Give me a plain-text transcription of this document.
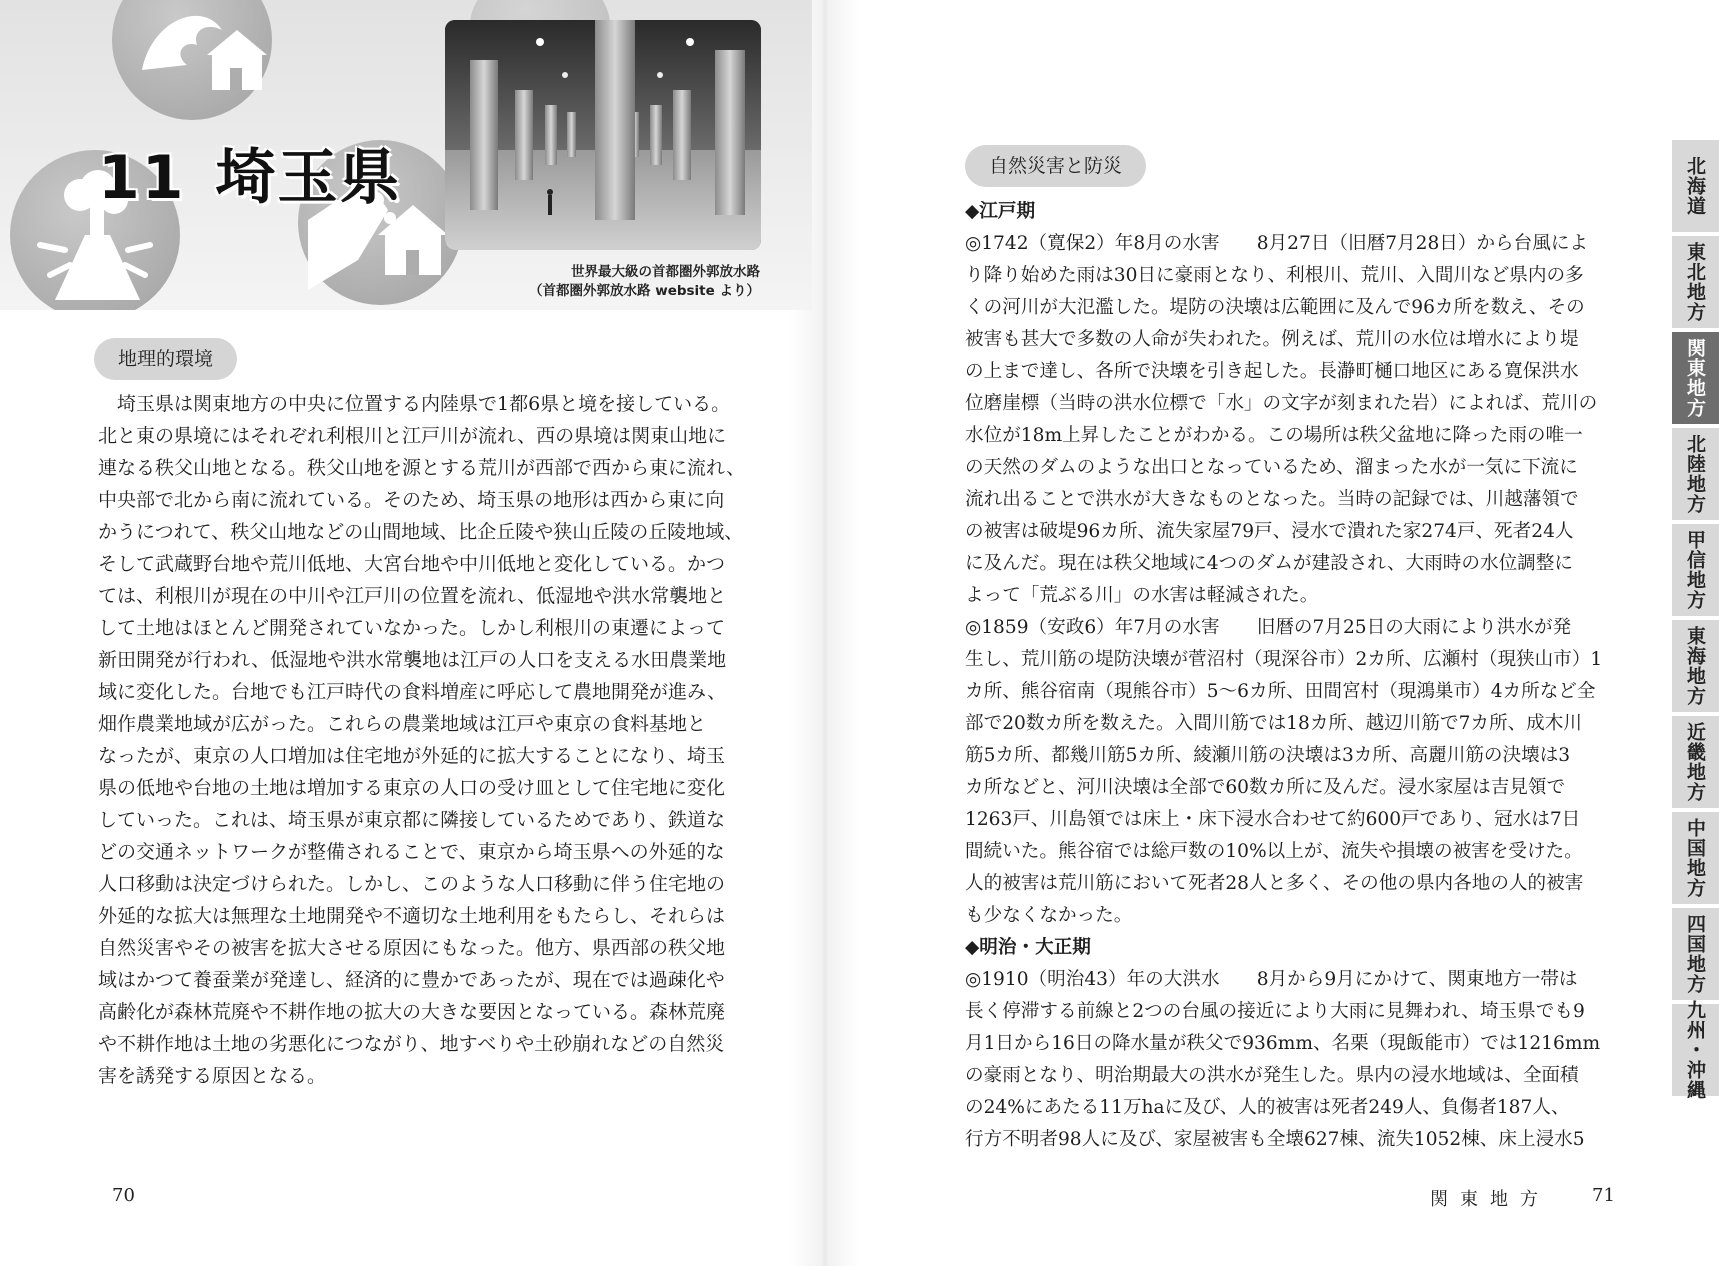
11 埼玉県
世界最大級の首都圏外郭放水路
（首都圏外郭放水路 website より）
地理的環境
　埼玉県は関東地方の中央に位置する内陸県で1都6県と境を接している。
北と東の県境にはそれぞれ利根川と江戸川が流れ、西の県境は関東山地に
連なる秩父山地となる。秩父山地を源とする荒川が西部で西から東に流れ、
中央部で北から南に流れている。そのため、埼玉県の地形は西から東に向
かうにつれて、秩父山地などの山間地域、比企丘陵や狭山丘陵の丘陵地域、
そして武蔵野台地や荒川低地、大宮台地や中川低地と変化している。かつ
ては、利根川が現在の中川や江戸川の位置を流れ、低湿地や洪水常襲地と
して土地はほとんど開発されていなかった。しかし利根川の東遷によって
新田開発が行われ、低湿地や洪水常襲地は江戸の人口を支える水田農業地
域に変化した。台地でも江戸時代の食料増産に呼応して農地開発が進み、
畑作農業地域が広がった。これらの農業地域は江戸や東京の食料基地と
なったが、東京の人口増加は住宅地が外延的に拡大することになり、埼玉
県の低地や台地の土地は増加する東京の人口の受け皿として住宅地に変化
していった。これは、埼玉県が東京都に隣接しているためであり、鉄道な
どの交通ネットワークが整備されることで、東京から埼玉県への外延的な
人口移動は決定づけられた。しかし、このような人口移動に伴う住宅地の
外延的な拡大は無理な土地開発や不適切な土地利用をもたらし、それらは
自然災害やその被害を拡大させる原因にもなった。他方、県西部の秩父地
域はかつて養蚕業が発達し、経済的に豊かであったが、現在では過疎化や
高齢化が森林荒廃や不耕作地の拡大の大きな要因となっている。森林荒廃
や不耕作地は土地の劣悪化につながり、地すべりや土砂崩れなどの自然災
害を誘発する原因となる。
自然災害と防災
◆江戸期
◎1742（寛保2）年8月の水害　　8月27日（旧暦7月28日）から台風によ
り降り始めた雨は30日に豪雨となり、利根川、荒川、入間川など県内の多
くの河川が大氾濫した。堤防の決壊は広範囲に及んで96カ所を数え、その
被害も甚大で多数の人命が失われた。例えば、荒川の水位は増水により堤
の上まで達し、各所で決壊を引き起した。長瀞町樋口地区にある寛保洪水
位磨崖標（当時の洪水位標で「水」の文字が刻まれた岩）によれば、荒川の
水位が18m上昇したことがわかる。この場所は秩父盆地に降った雨の唯一
の天然のダムのような出口となっているため、溜まった水が一気に下流に
流れ出ることで洪水が大きなものとなった。当時の記録では、川越藩領で
の被害は破堤96カ所、流失家屋79戸、浸水で潰れた家274戸、死者24人
に及んだ。現在は秩父地域に4つのダムが建設され、大雨時の水位調整に
よって「荒ぶる川」の水害は軽減された。
◎1859（安政6）年7月の水害　　旧暦の7月25日の大雨により洪水が発
生し、荒川筋の堤防決壊が菅沼村（現深谷市）2カ所、広瀬村（現狭山市）1
カ所、熊谷宿南（現熊谷市）5〜6カ所、田間宮村（現鴻巣市）4カ所など全
部で20数カ所を数えた。入間川筋では18カ所、越辺川筋で7カ所、成木川
筋5カ所、都幾川筋5カ所、綾瀬川筋の決壊は3カ所、高麗川筋の決壊は3
カ所などと、河川決壊は全部で60数カ所に及んだ。浸水家屋は吉見領で
1263戸、川島領では床上・床下浸水合わせて約600戸であり、冠水は7日
間続いた。熊谷宿では総戸数の10%以上が、流失や損壊の被害を受けた。
人的被害は荒川筋において死者28人と多く、その他の県内各地の人的被害
も少なくなかった。
◆明治・大正期
◎1910（明治43）年の大洪水　　8月から9月にかけて、関東地方一帯は
長く停滞する前線と2つの台風の接近により大雨に見舞われ、埼玉県でも9
月1日から16日の降水量が秩父で936mm、名栗（現飯能市）では1216mm
の豪雨となり、明治期最大の洪水が発生した。県内の浸水地域は、全面積
の24%にあたる11万haに及び、人的被害は死者249人、負傷者187人、
行方不明者98人に及び、家屋被害も全壊627棟、流失1052棟、床上浸水5
70	関東地方 71
北海道
東北地方
関東地方
北陸地方
甲信地方
東海地方
近畿地方
中国地方
四国地方
九州・沖縄
